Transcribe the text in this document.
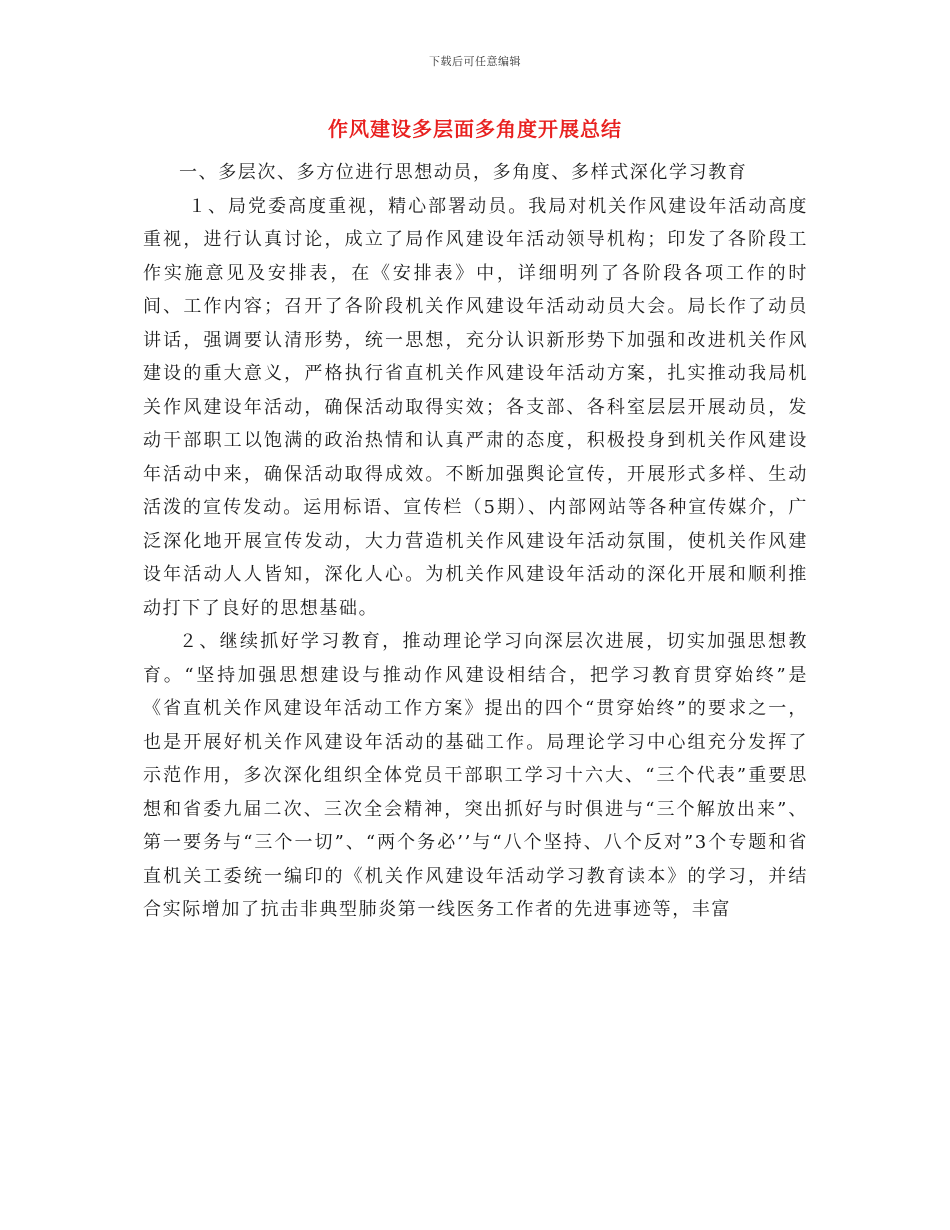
下载后可任意编辑
作风建设多层面多角度开展总结

一、多层次、多方位进行思想动员，多角度、多样式深化学习教育

１、局党委高度重视，精心部署动员。我局对机关作风建设年活动高度重视，进行认真讨论，成立了局作风建设年活动领导机构；印发了各阶段工作实施意见及安排表，在《安排表》中，详细明列了各阶段各项工作的时间、工作内容；召开了各阶段机关作风建设年活动动员大会。局长作了动员讲话，强调要认清形势，统一思想，充分认识新形势下加强和改进机关作风建设的重大意义，严格执行省直机关作风建设年活动方案，扎实推动我局机关作风建设年活动，确保活动取得实效；各支部、各科室层层开展动员，发动干部职工以饱满的政治热情和认真严肃的态度，积极投身到机关作风建设年活动中来，确保活动取得成效。不断加强舆论宣传，开展形式多样、生动活泼的宣传发动。运用标语、宣传栏（5期）、内部网站等各种宣传媒介，广泛深化地开展宣传发动，大力营造机关作风建设年活动氛围，使机关作风建设年活动人人皆知，深化人心。为机关作风建设年活动的深化开展和顺利推动打下了良好的思想基础。

２、继续抓好学习教育，推动理论学习向深层次进展，切实加强思想教育。“坚持加强思想建设与推动作风建设相结合，把学习教育贯穿始终”是《省直机关作风建设年活动工作方案》提出的四个“贯穿始终”的要求之一，也是开展好机关作风建设年活动的基础工作。局理论学习中心组充分发挥了示范作用，多次深化组织全体党员干部职工学习十六大、“三个代表”重要思想和省委九届二次、三次全会精神，突出抓好与时俱进与“三个解放出来”、第一要务与“三个一切”、“两个务必’’与“八个坚持、八个反对”3个专题和省直机关工委统一编印的《机关作风建设年活动学习教育读本》的学习，并结合实际增加了抗击非典型肺炎第一线医务工作者的先进事迹等，丰富
